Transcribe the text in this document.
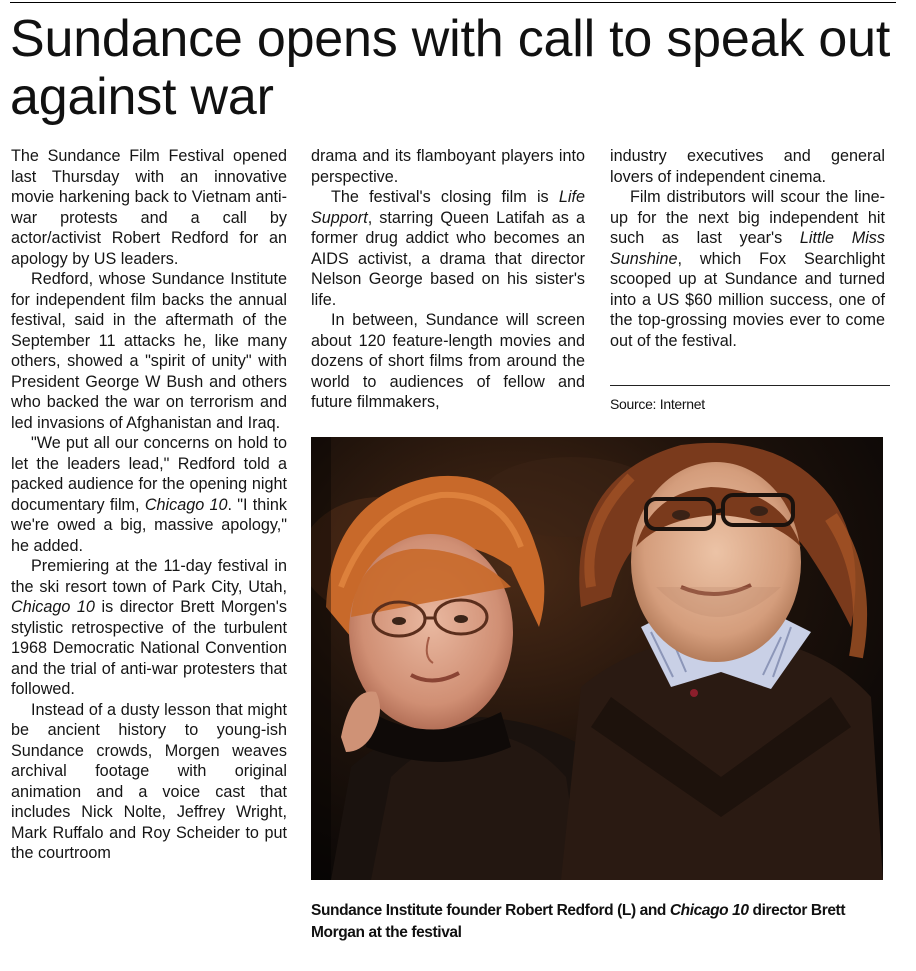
Sundance opens with call to speak out against war

The Sundance Film Festival opened last Thursday with an innovative movie harkening back to Vietnam anti-war protests and a call by actor/activist Robert Redford for an apology by US leaders.

Redford, whose Sundance Institute for independent film backs the annual festival, said in the aftermath of the September 11 attacks he, like many others, showed a "spirit of unity" with President George W Bush and others who backed the war on terrorism and led invasions of Afghanistan and Iraq.

"We put all our concerns on hold to let the leaders lead," Redford told a packed audience for the opening night documentary film, Chicago 10. "I think we're owed a big, massive apology," he added.

Premiering at the 11-day festival in the ski resort town of Park City, Utah, Chicago 10 is director Brett Morgen's stylistic retrospective of the turbulent 1968 Democratic National Convention and the trial of anti-war protesters that followed.

Instead of a dusty lesson that might be ancient history to young-ish Sundance crowds, Morgen weaves archival footage with original animation and a voice cast that includes Nick Nolte, Jeffrey Wright, Mark Ruffalo and Roy Scheider to put the courtroom

drama and its flamboyant players into perspective.

The festival's closing film is Life Support, starring Queen Latifah as a former drug addict who becomes an AIDS activist, a drama that director Nelson George based on his sister's life.

In between, Sundance will screen about 120 feature-length movies and dozens of short films from around the world to audiences of fellow and future filmmakers,

industry executives and general lovers of independent cinema.

Film distributors will scour the line-up for the next big independent hit such as last year's Little Miss Sunshine, which Fox Searchlight scooped up at Sundance and turned into a US $60 million success, one of the top-grossing movies ever to come out of the festival.

Source: Internet
Sundance Institute founder Robert Redford (L) and Chicago 10 director Brett Morgan at the festival
